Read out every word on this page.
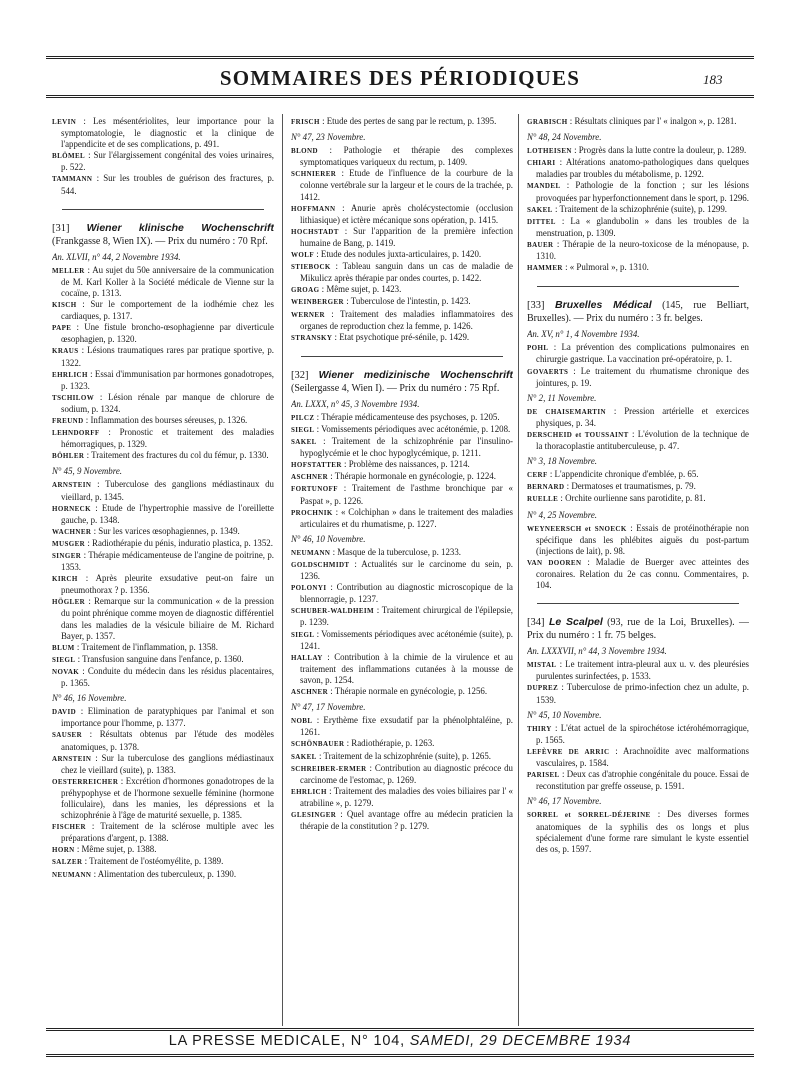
SOMMAIRES DES PÉRIODIQUES	183

LEVIN : Les mésentériolites, leur importance pour la symptomatologie, le diagnostic et la clinique de l'appendicite et de ses complications, p. 491.

BLÖMEL : Sur l'élargissement congénital des voies urinaires, p. 522.

TAMMANN : Sur les troubles de guérison des fractures, p. 544.

[31] Wiener klinische Wochenschrift (Frankgasse 8, Wien IX). — Prix du numéro : 70 Rpf.
An. XLVII, n° 44, 2 Novembre 1934.

MELLER : Au sujet du 50e anniversaire de la communication de M. Karl Koller à la Société médicale de Vienne sur la cocaïne, p. 1313.

KISCH : Sur le comportement de la iodhémie chez les cardiaques, p. 1317.

PAPE : Une fistule broncho-œsophagienne par diverticule œsophagien, p. 1320.

KRAUS : Lésions traumatiques rares par pratique sportive, p. 1322.

EHRLICH : Essai d'immunisation par hormones gonadotropes, p. 1323.

TSCHILOW : Lésion rénale par manque de chlorure de sodium, p. 1324.

FREUND : Inflammation des bourses séreuses, p. 1326.

LEHNDORFF : Pronostic et traitement des maladies hémorragiques, p. 1329.

BÖHLER : Traitement des fractures du col du fémur, p. 1330.

N° 45, 9 Novembre.

ARNSTEIN : Tuberculose des ganglions médiastinaux du vieillard, p. 1345.

HORNECK : Etude de l'hypertrophie massive de l'oreillette gauche, p. 1348.

WACHNER : Sur les varices œsophagiennes, p. 1349.

MUSGER : Radiothérapie du pénis, induratio plastica, p. 1352.

SINGER : Thérapie médicamenteuse de l'angine de poitrine, p. 1353.

KIRCH : Après pleurite exsudative peut-on faire un pneumothorax ? p. 1356.

HÖGLER : Remarque sur la communication « de la pression du point phrénique comme moyen de diagnostic différentiel dans les maladies de la vésicule biliaire de M. Richard Bayer, p. 1357.

BLUM : Traitement de l'inflammation, p. 1358.

SIEGL : Transfusion sanguine dans l'enfance, p. 1360.

NOVAK : Conduite du médecin dans les résidus placentaires, p. 1365.

N° 46, 16 Novembre.

DAVID : Elimination de paratyphiques par l'animal et son importance pour l'homme, p. 1377.

SAUSER : Résultats obtenus par l'étude des modèles anatomiques, p. 1378.

ARNSTEIN : Sur la tuberculose des ganglions médiastinaux chez le vieillard (suite), p. 1383.

OESTERREICHER : Excrétion d'hormones gonadotropes de la préhypophyse et de l'hormone sexuelle féminine (hormone folliculaire), dans les manies, les dépressions et la schizophrénie à l'âge de maturité sexuelle, p. 1385.

FISCHER : Traitement de la sclérose multiple avec les préparations d'argent, p. 1388.

HORN : Même sujet, p. 1388.

SALZER : Traitement de l'ostéomyélite, p. 1389.

NEUMANN : Alimentation des tuberculeux, p. 1390.

FRISCH : Etude des pertes de sang par le rectum, p. 1395.

N° 47, 23 Novembre.

BLOND : Pathologie et thérapie des complexes symptomatiques variqueux du rectum, p. 1409.

SCHNIERER : Etude de l'influence de la courbure de la colonne vertébrale sur la largeur et le cours de la trachée, p. 1412.

HOFFMANN : Anurie après cholécystectomie (occlusion lithiasique) et ictère mécanique sons opération, p. 1415.

HOCHSTADT : Sur l'apparition de la première infection humaine de Bang, p. 1419.

WOLF : Etude des nodules juxta-articulaires, p. 1420.

STIEBOCK : Tableau sanguin dans un cas de maladie de Mikulicz après thérapie par ondes courtes, p. 1422.

GROAG : Même sujet, p. 1423.

WEINBERGER : Tuberculose de l'intestin, p. 1423.

WERNER : Traitement des maladies inflammatoires des organes de reproduction chez la femme, p. 1426.

STRANSKY : Etat psychotique pré-sénile, p. 1429.

[32] Wiener medizinische Wochenschrift (Seilergasse 4, Wien I). — Prix du numéro : 75 Rpf.
An. LXXX, n° 45, 3 Novembre 1934.

PILCZ : Thérapie médicamenteuse des psychoses, p. 1205.

SIEGL : Vomissements périodiques avec acétonémie, p. 1208.

SAKEL : Traitement de la schizophrénie par l'insulino-hypoglycémie et le choc hypoglycémique, p. 1211.

HOFSTATTER : Problème des naissances, p. 1214.

ASCHNER : Thérapie hormonale en gynécologie, p. 1224.

FORTUNOFF : Traitement de l'asthme bronchique par « Paspat », p. 1226.

PROCHNIK : « Colchiphan » dans le traitement des maladies articulaires et du rhumatisme, p. 1227.

N° 46, 10 Novembre.

NEUMANN : Masque de la tuberculose, p. 1233.

GOLDSCHMIDT : Actualités sur le carcinome du sein, p. 1236.

POLONYI : Contribution au diagnostic microscopique de la blennorragie, p. 1237.

SCHUBER-WALDHEIM : Traitement chirurgical de l'épilepsie, p. 1239.

SIEGL : Vomissements périodiques avec acétonémie (suite), p. 1241.

HALLAY : Contribution à la chimie de la virulence et au traitement des inflammations cutanées à la mousse de savon, p. 1254.

ASCHNER : Thérapie normale en gynécologie, p. 1256.

N° 47, 17 Novembre.

NOBL : Erythème fixe exsudatif par la phénolphtaléine, p. 1261.

SCHÖNBAUER : Radiothérapie, p. 1263.

SAKEL : Traitement de la schizophrénie (suite), p. 1265.

SCHREIBER-ERMER : Contribution au diagnostic précoce du carcinome de l'estomac, p. 1269.

EHRLICH : Traitement des maladies des voies biliaires par l' « atrabiline », p. 1279.

GLESINGER : Quel avantage offre au médecin praticien la thérapie de la constitution ? p. 1279.

GRABISCH : Résultats cliniques par l' « inalgon », p. 1281.

N° 48, 24 Novembre.

LOTHEISEN : Progrès dans la lutte contre la douleur, p. 1289.

CHIARI : Altérations anatomo-pathologiques dans quelques maladies par troubles du métabolisme, p. 1292.

MANDEL : Pathologie de la fonction ; sur les lésions provoquées par hyperfonctionnement dans le sport, p. 1296.

SAKEL : Traitement de la schizophrénie (suite), p. 1299.

DITTEL : La « glandubolin » dans les troubles de la menstruation, p. 1309.

BAUER : Thérapie de la neuro-toxicose de la ménopause, p. 1310.

HAMMER : « Pulmoral », p. 1310.

[33] Bruxelles Médical (145, rue Belliart, Bruxelles). — Prix du numéro : 3 fr. belges.
An. XV, n° 1, 4 Novembre 1934.

POHL : La prévention des complications pulmonaires en chirurgie gastrique. La vaccination pré-opératoire, p. 1.

GOVAERTS : Le traitement du rhumatisme chronique des jointures, p. 19.

N° 2, 11 Novembre.

DE CHAISEMARTIN : Pression artérielle et exercices physiques, p. 34.

DERSCHEID et TOUSSAINT : L'évolution de la technique de la thoracoplastie antituberculeuse, p. 47.

N° 3, 18 Novembre.

CERF : L'appendicite chronique d'emblée, p. 65.

BERNARD : Dermatoses et traumatismes, p. 79.

RUELLE : Orchite ourlienne sans parotidite, p. 81.

N° 4, 25 Novembre.

WEYNEERSCH et SNOECK : Essais de protéinothérapie non spécifique dans les phlébites aiguës du post-partum (injections de lait), p. 98.

VAN DOOREN : Maladie de Buerger avec atteintes des coronaires. Relation du 2e cas connu. Commentaires, p. 104.

[34] Le Scalpel (93, rue de la Loi, Bruxelles). — Prix du numéro : 1 fr. 75 belges.
An. LXXXVII, n° 44, 3 Novembre 1934.

MISTAL : Le traitement intra-pleural aux u. v. des pleurésies purulentes surinfectées, p. 1533.

DUPREZ : Tuberculose de primo-infection chez un adulte, p. 1539.

N° 45, 10 Novembre.

THIRY : L'état actuel de la spirochétose ictérohémorragique, p. 1565.

LEFÈVRE DE ARRIC : Arachnoïdite avec malformations vasculaires, p. 1584.

PARISEL : Deux cas d'atrophie congénitale du pouce. Essai de reconstitution par greffe osseuse, p. 1591.

N° 46, 17 Novembre.

SORREL et SORREL-DÉJERINE : Des diverses formes anatomiques de la syphilis des os longs et plus spécialement d'une forme rare simulant le kyste essentiel des os, p. 1597.

LA PRESSE MEDICALE, N° 104, SAMEDI, 29 DECEMBRE 1934
